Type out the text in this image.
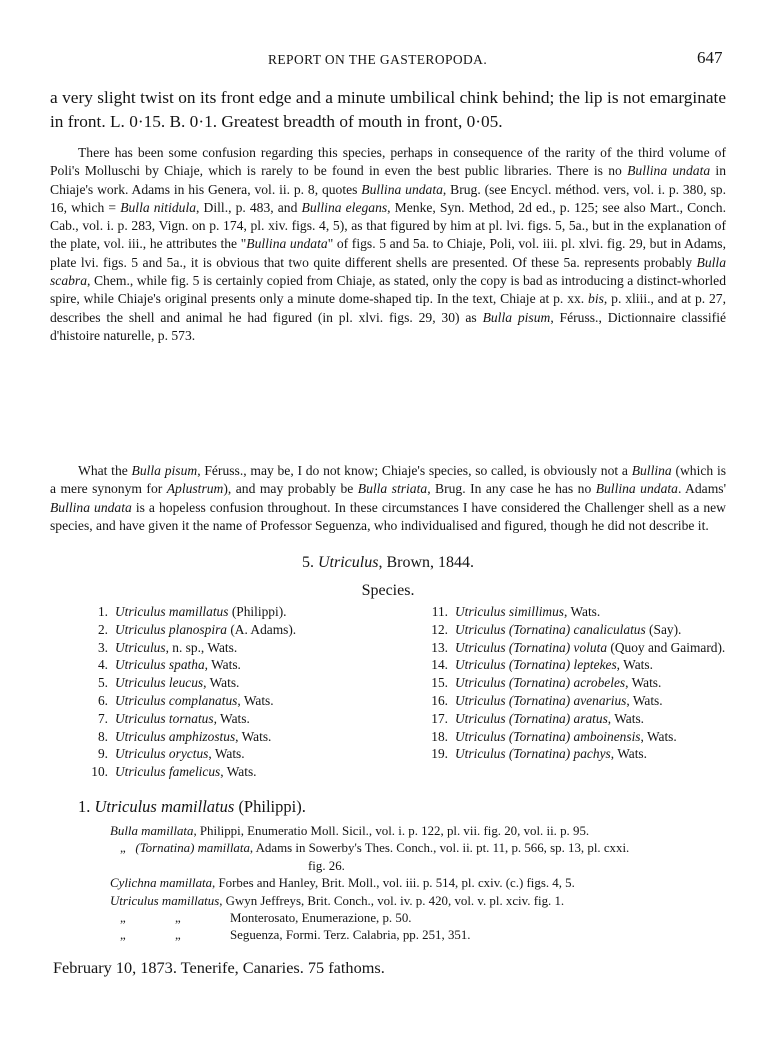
REPORT ON THE GASTEROPODA.	647

a very slight twist on its front edge and a minute umbilical chink behind; the lip is not emarginate in front. L. 0·15. B. 0·1. Greatest breadth of mouth in front, 0·05.

There has been some confusion regarding this species, perhaps in consequence of the rarity of the third volume of Poli's Molluschi by Chiaje, which is rarely to be found in even the best public libraries. There is no Bullina undata in Chiaje's work. Adams in his Genera, vol. ii. p. 8, quotes Bullina undata, Brug. (see Encycl. méthod. vers, vol. i. p. 380, sp. 16, which = Bulla nitidula, Dill., p. 483, and Bullina elegans, Menke, Syn. Method, 2d ed., p. 125; see also Mart., Conch. Cab., vol. i. p. 283, Vign. on p. 174, pl. xiv. figs. 4, 5), as that figured by him at pl. lvi. figs. 5, 5a., but in the explanation of the plate, vol. iii., he attributes the "Bullina undata" of figs. 5 and 5a. to Chiaje, Poli, vol. iii. pl. xlvi. fig. 29, but in Adams, plate lvi. figs. 5 and 5a., it is obvious that two quite different shells are presented. Of these 5a. represents probably Bulla scabra, Chem., while fig. 5 is certainly copied from Chiaje, as stated, only the copy is bad as introducing a distinct-whorled spire, while Chiaje's original presents only a minute dome-shaped tip. In the text, Chiaje at p. xx. bis, p. xliii., and at p. 27, describes the shell and animal he had figured (in pl. xlvi. figs. 29, 30) as Bulla pisum, Féruss., Dictionnaire classifié d'histoire naturelle, p. 573.

What the Bulla pisum, Féruss., may be, I do not know; Chiaje's species, so called, is obviously not a Bullina (which is a mere synonym for Aplustrum), and may probably be Bulla striata, Brug. In any case he has no Bullina undata. Adams' Bullina undata is a hopeless confusion throughout. In these circumstances I have considered the Challenger shell as a new species, and have given it the name of Professor Seguenza, who individualised and figured, though he did not describe it.

5. Utriculus, Brown, 1844.
Species.
1. Utriculus mamillatus (Philippi).
2. Utriculus planospira (A. Adams).
3. Utriculus, n. sp., Wats.
4. Utriculus spatha, Wats.
5. Utriculus leucus, Wats.
6. Utriculus complanatus, Wats.
7. Utriculus tornatus, Wats.
8. Utriculus amphizostus, Wats.
9. Utriculus oryctus, Wats.
10. Utriculus famelicus, Wats.
11. Utriculus simillimus, Wats.
12. Utriculus (Tornatina) canaliculatus (Say).
13. Utriculus (Tornatina) voluta (Quoy and Gaimard).
14. Utriculus (Tornatina) leptekes, Wats.
15. Utriculus (Tornatina) acrobeles, Wats.
16. Utriculus (Tornatina) avenarius, Wats.
17. Utriculus (Tornatina) aratus, Wats.
18. Utriculus (Tornatina) amboinensis, Wats.
19. Utriculus (Tornatina) pachys, Wats.
1. Utriculus mamillatus (Philippi).
Bulla mamillata, Philippi, Enumeratio Moll. Sicil., vol. i. p. 122, pl. vii. fig. 20, vol. ii. p. 95.
„ (Tornatina) mamillata, Adams in Sowerby's Thes. Conch., vol. ii. pt. 11, p. 566, sp. 13, pl. cxxi.
fig. 26.
Cylichna mamillata, Forbes and Hanley, Brit. Moll., vol. iii. p. 514, pl. cxiv. (c.) figs. 4, 5.
Utriculus mamillatus, Gwyn Jeffreys, Brit. Conch., vol. iv. p. 420, vol. v. pl. xciv. fig. 1.
„	„	Monterosato, Enumerazione, p. 50.
„	„	Seguenza, Formi. Terz. Calabria, pp. 251, 351.
February 10, 1873. Tenerife, Canaries. 75 fathoms.
